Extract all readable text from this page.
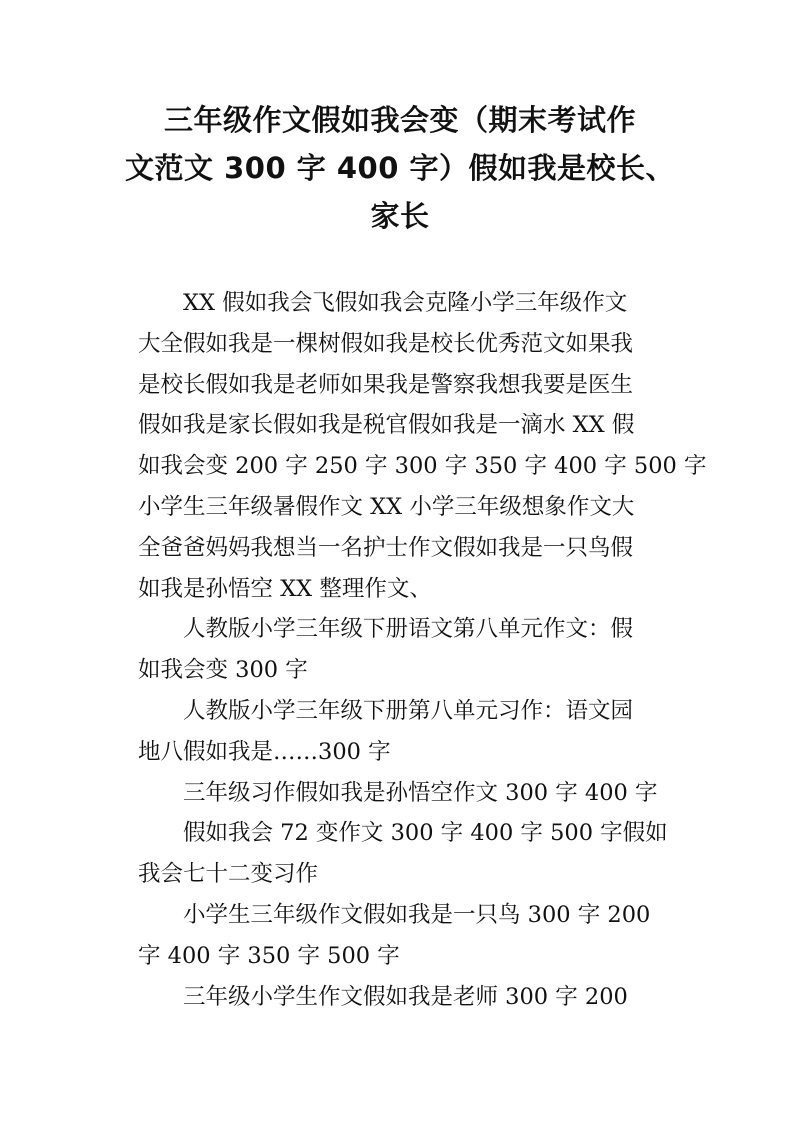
三年级作文假如我会变（期末考试作
文范文 300 字 400 字）假如我是校长、
家长

XX 假如我会飞假如我会克隆小学三年级作文
大全假如我是一棵树假如我是校长优秀范文如果我
是校长假如我是老师如果我是警察我想我要是医生
假如我是家长假如我是税官假如我是一滴水 XX 假
如我会变 200 字 250 字 300 字 350 字 400 字 500 字
小学生三年级暑假作文 XX 小学三年级想象作文大
全爸爸妈妈我想当一名护士作文假如我是一只鸟假
如我是孙悟空 XX 整理作文、

人教版小学三年级下册语文第八单元作文：假
如我会变 300 字

人教版小学三年级下册第八单元习作：语文园
地八假如我是……300 字

三年级习作假如我是孙悟空作文 300 字 400 字

假如我会 72 变作文 300 字 400 字 500 字假如
我会七十二变习作

小学生三年级作文假如我是一只鸟 300 字 200
字 400 字 350 字 500 字

三年级小学生作文假如我是老师 300 字 200
